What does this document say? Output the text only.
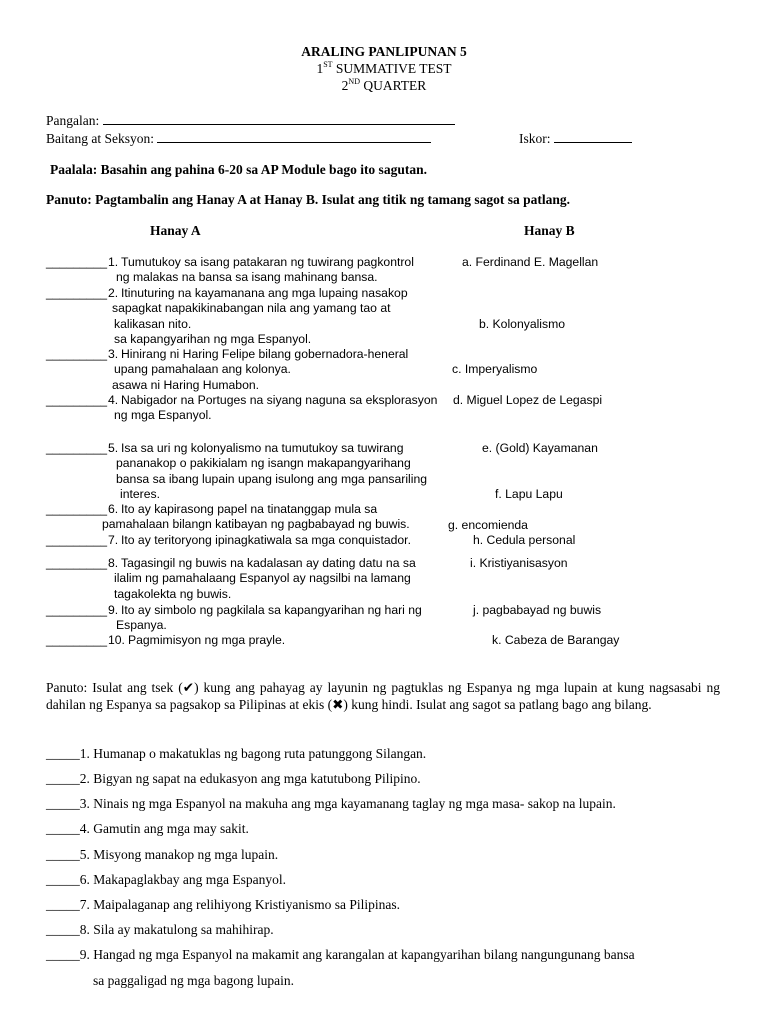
ARALING PANLIPUNAN 5
1ST SUMMATIVE TEST
2ND QUARTER
Pangalan:
Baitang at Seksyon:	Iskor:
Paalala: Basahin ang pahina 6-20 sa AP Module bago ito sagutan.
Panuto: Pagtambalin ang Hanay A at Hanay B. Isulat ang titik ng tamang sagot sa patlang.
Hanay A	Hanay B
_________ 1. Tumutukoy sa isang patakaran ng tuwirang pagkontrol
ng malakas na bansa sa isang mahinang bansa.
_________ 2. Itinuturing na kayamanana ang mga lupaing nasakop
sapagkat napakikinabangan nila ang yamang tao at
kalikasan nito.
sa kapangyarihan ng mga Espanyol.
_________ 3. Hinirang ni Haring Felipe bilang gobernadora-heneral
upang pamahalaan ang kolonya.
asawa ni Haring Humabon.
_________ 4. Nabigador na Portuges na siyang naguna sa eksplorasyon
ng mga Espanyol.
_________ 5. Isa sa uri ng kolonyalismo na tumutukoy sa tuwirang
pananakop o pakikialam ng isangn makapangyarihang
bansa sa ibang lupain upang isulong ang mga pansariling
interes.
_________ 6. Ito ay kapirasong papel na tinatanggap mula sa
pamahalaan bilangn katibayan ng pagbabayad ng buwis.
_________ 7. Ito ay teritoryong ipinagkatiwala sa mga conquistador.
_________ 8. Tagasingil ng buwis na kadalasan ay dating datu na sa
ilalim ng pamahalaang Espanyol ay nagsilbi na lamang
tagakolekta ng buwis.
_________ 9. Ito ay simbolo ng pagkilala sa kapangyarihan ng hari ng
Espanya.
_________ 10. Pagmimisyon ng mga prayle.
a. Ferdinand E. Magellan
b. Kolonyalismo
c. Imperyalismo
d. Miguel Lopez de Legaspi
e. (Gold) Kayamanan
f. Lapu Lapu
g. encomienda
h. Cedula personal
i. Kristiyanisasyon
j. pagbabayad ng buwis
k. Cabeza de Barangay
Panuto: Isulat ang tsek (✔) kung ang pahayag ay layunin ng pagtuklas ng Espanya ng mga lupain at kung nagsasabi ng dahilan ng Espanya sa pagsakop sa Pilipinas at ekis (✖) kung hindi. Isulat ang sagot sa patlang bago ang bilang.
_____1. Humanap o makatuklas ng bagong ruta patunggong Silangan.
_____2. Bigyan ng sapat na edukasyon ang mga katutubong Pilipino.
_____3. Ninais ng mga Espanyol na makuha ang mga kayamanang taglay ng mga masa- sakop na lupain.
_____4. Gamutin ang mga may sakit.
_____5. Misyong manakop ng mga lupain.
_____6. Makapaglakbay ang mga Espanyol.
_____7. Maipalaganap ang relihiyong Kristiyanismo sa Pilipinas.
_____8. Sila ay makatulong sa mahihirap.
_____9. Hangad ng mga Espanyol na makamit ang karangalan at kapangyarihan bilang nangungunang bansa
sa paggaligad ng mga bagong lupain.
